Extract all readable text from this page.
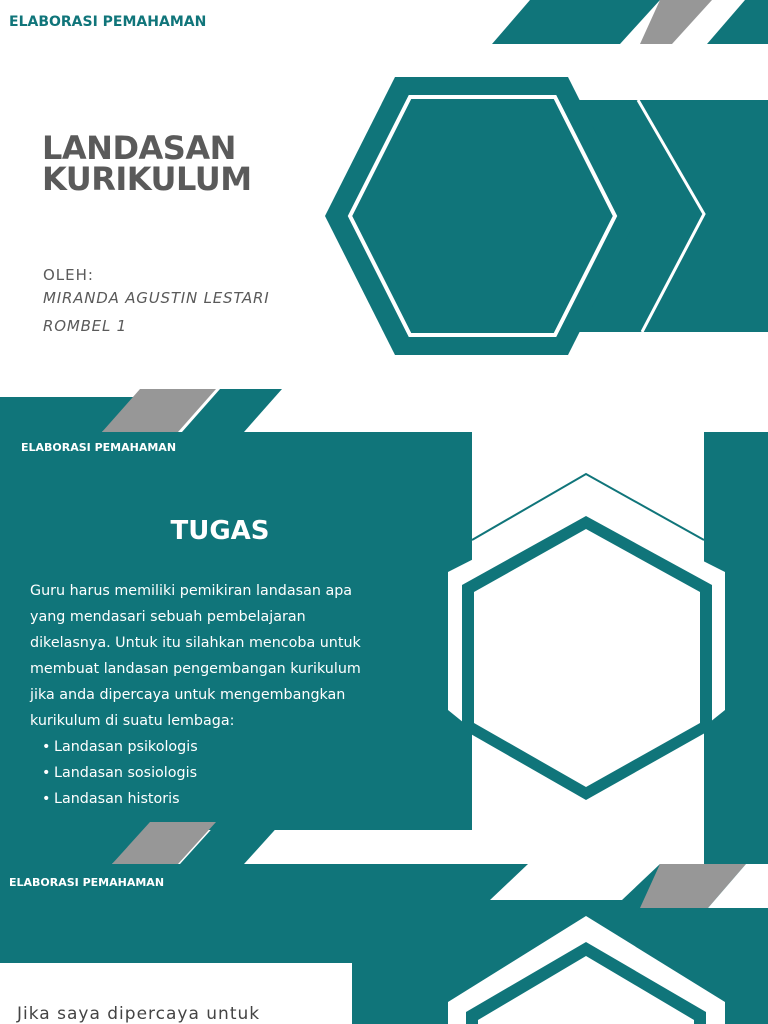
ELABORASI PEMAHAMAN
LANDASAN
KURIKULUM
OLEH:
MIRANDA AGUSTIN LESTARI
ROMBEL 1
ELABORASI PEMAHAMAN
TUGAS
Guru harus memiliki pemikiran landasan apa
yang mendasari sebuah pembelajaran
dikelasnya. Untuk itu silahkan mencoba untuk
membuat landasan pengembangan kurikulum
jika anda dipercaya untuk mengembangkan
kurikulum di suatu lembaga:
• Landasan psikologis
• Landasan sosiologis
• Landasan historis
ELABORASI PEMAHAMAN
Jika saya dipercaya untuk
